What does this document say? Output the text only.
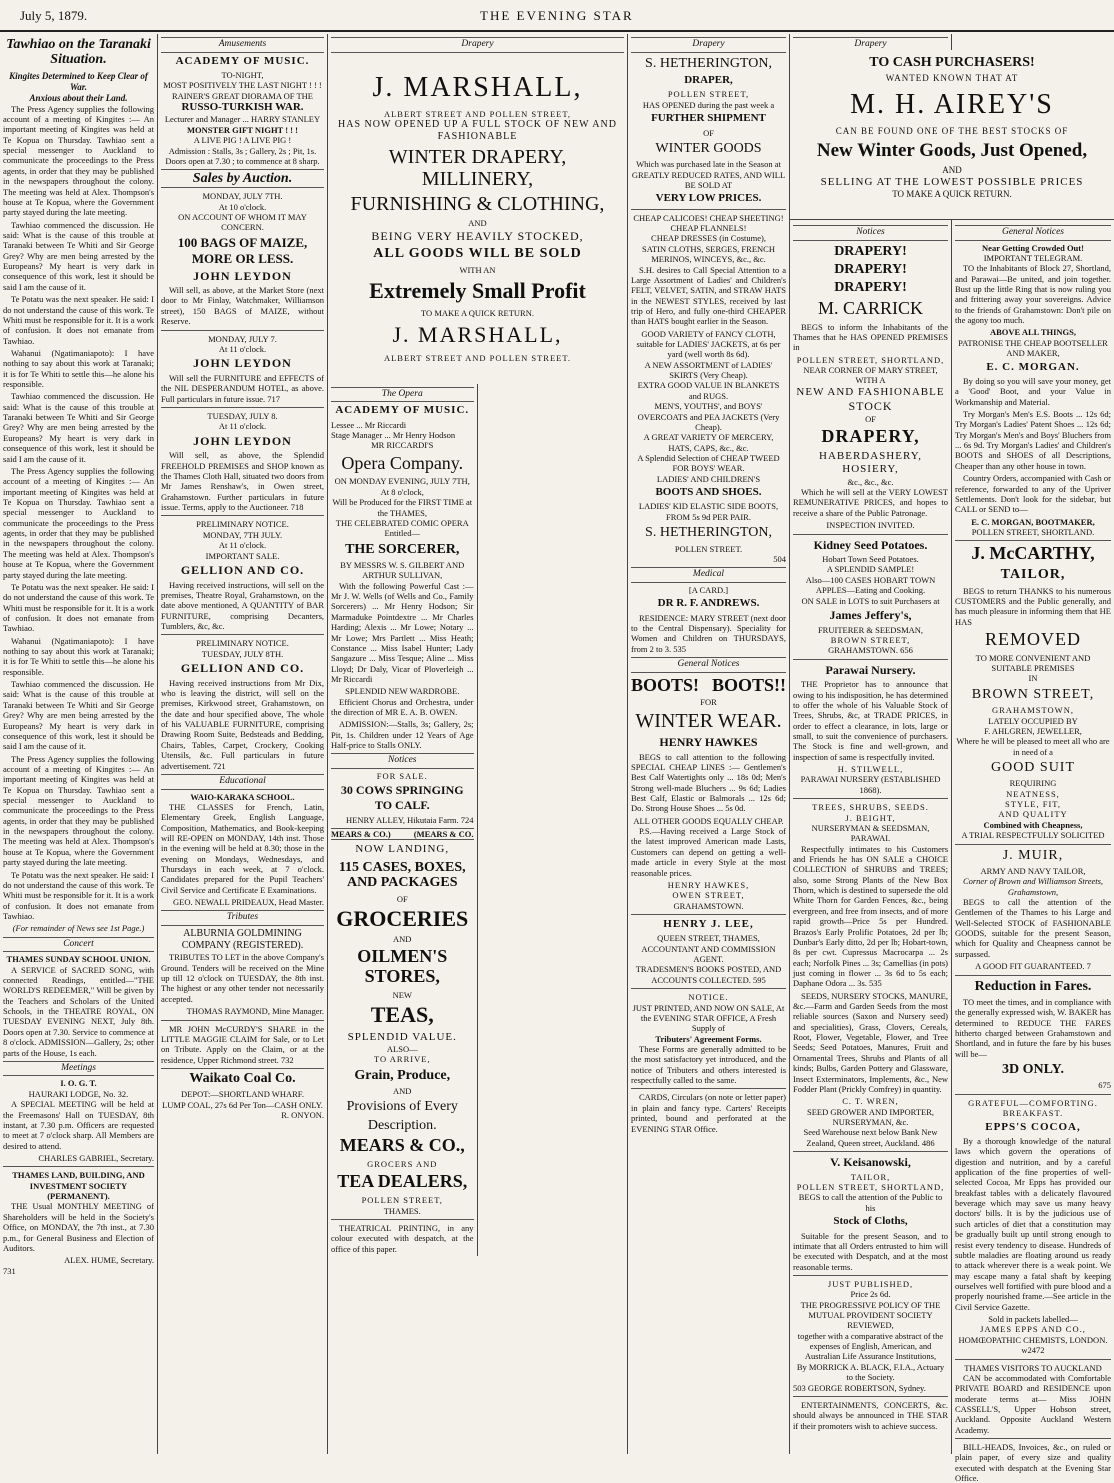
July 5, 1879.	THE EVENING STAR
Tawhiao on the Taranaki Situation.
Kingites Determined to Keep Clear of War.
Anxious about their Land.

The Press Agency supplies the following account of a meeting of Kingites :— An important meeting of Kingites was held at Te Kopua on Thursday. Tawhiao sent a special messenger to Auckland to communicate the proceedings to the Press agents, in order that they may be published in the newspapers throughout the colony. The meeting was held at Alex. Thompson's house at Te Kopua, where the Government party stayed during the late meeting.

Tawhiao commenced the discussion. He said: What is the cause of this trouble at Taranaki between Te Whiti and Sir George Grey? Why are men being arrested by the Europeans? My heart is very dark in consequence of this work, lest it should be said I am the cause of it.

Te Potatu was the next speaker. He said: I do not understand the cause of this work. Te Whiti must be responsible for it. It is a work of confusion. It does not emanate from Tawhiao.

Wahanui (Ngatimaniapoto): I have nothing to say about this work at Taranaki; it is for Te Whiti to settle this—he alone his responsible.

Tawhiao commenced the discussion. He said: What is the cause of this trouble at Taranaki between Te Whiti and Sir George Grey? Why are men being arrested by the Europeans? My heart is very dark in consequence of this work, lest it should be said I am the cause of it.

The Press Agency supplies the following account of a meeting of Kingites :— An important meeting of Kingites was held at Te Kopua on Thursday. Tawhiao sent a special messenger to Auckland to communicate the proceedings to the Press agents, in order that they may be published in the newspapers throughout the colony. The meeting was held at Alex. Thompson's house at Te Kopua, where the Government party stayed during the late meeting.

Te Potatu was the next speaker. He said: I do not understand the cause of this work. Te Whiti must be responsible for it. It is a work of confusion. It does not emanate from Tawhiao.

Wahanui (Ngatimaniapoto): I have nothing to say about this work at Taranaki; it is for Te Whiti to settle this—he alone his responsible.

Tawhiao commenced the discussion. He said: What is the cause of this trouble at Taranaki between Te Whiti and Sir George Grey? Why are men being arrested by the Europeans? My heart is very dark in consequence of this work, lest it should be said I am the cause of it.

The Press Agency supplies the following account of a meeting of Kingites :— An important meeting of Kingites was held at Te Kopua on Thursday. Tawhiao sent a special messenger to Auckland to communicate the proceedings to the Press agents, in order that they may be published in the newspapers throughout the colony. The meeting was held at Alex. Thompson's house at Te Kopua, where the Government party stayed during the late meeting.

Te Potatu was the next speaker. He said: I do not understand the cause of this work. Te Whiti must be responsible for it. It is a work of confusion. It does not emanate from Tawhiao.

(For remainder of News see 1st Page.)
Concert
THAMES SUNDAY SCHOOL UNION.

A SERVICE of SACRED SONG, with connected Readings, entitled—"THE WORLD'S REDEEMER," Will be given by the Teachers and Scholars of the United Schools, in the THEATRE ROYAL, ON TUESDAY EVENING NEXT, July 8th. Doors open at 7.30. Service to commence at 8 o'clock. ADMISSION—Gallery, 2s; other parts of the House, 1s each.

Meetings
I. O. G. T.
HAURAKI LODGE, No. 32.

A SPECIAL MEETING will be held at the Freemasons' Hall on TUESDAY, 8th instant, at 7.30 p.m. Officers are requested to meet at 7 o'clock sharp. All Members are desired to attend.

CHARLES GABRIEL, Secretary.
THAMES LAND, BUILDING, AND INVESTMENT SOCIETY (PERMANENT).

THE Usual MONTHLY MEETING of Shareholders will be held in the Society's Office, on MONDAY, the 7th inst., at 7.30 p.m., for General Business and Election of Auditors.

ALEX. HUME, Secretary.
731
Amusements
ACADEMY OF MUSIC.
TO-NIGHT,
MOST POSITIVELY THE LAST NIGHT ! ! !
RAINER'S GREAT DIORAMA OF THE
RUSSO-TURKISH WAR.
Lecturer and Manager ... HARRY STANLEY
MONSTER GIFT NIGHT ! ! !
A LIVE PIG ! A LIVE PIG !
Admission : Stalls, 3s ; Gallery, 2s ; Pit, 1s. Doors open at 7.30 ; to commence at 8 sharp.
Sales by Auction.
MONDAY, JULY 7TH.
At 10 o'clock.
ON ACCOUNT OF WHOM IT MAY CONCERN.
100 BAGS OF MAIZE, MORE OR LESS.
JOHN LEYDON

Will sell, as above, at the Market Store (next door to Mr Finlay, Watchmaker, Williamson street), 150 BAGS of MAIZE, without Reserve.

MONDAY, JULY 7.
At 11 o'clock.
JOHN LEYDON

Will sell the FURNITURE and EFFECTS of the NIL DESPERANDUM HOTEL, as above. Full particulars in future issue. 717

TUESDAY, JULY 8.
At 11 o'clock.
JOHN LEYDON

Will sell, as above, the Splendid FREEHOLD PREMISES and SHOP known as the Thames Cloth Hall, situated two doors from Mr James Renshaw's, in Owen street, Grahamstown. Further particulars in future issue. Terms, apply to the Auctioneer. 718

PRELIMINARY NOTICE.
MONDAY, 7TH JULY.
At 11 o'clock.
IMPORTANT SALE.
GELLION AND CO.

Having received instructions, will sell on the premises, Theatre Royal, Grahamstown, on the date above mentioned, A QUANTITY of BAR FURNITURE, comprising Decanters, Tumblers, &c, &c.

PRELIMINARY NOTICE.
TUESDAY, JULY 8TH.
GELLION AND CO.

Having received instructions from Mr Dix, who is leaving the district, will sell on the premises, Kirkwood street, Grahamstown, on the date and hour specified above, The whole of his VALUABLE FURNITURE, comprising Drawing Room Suite, Bedsteads and Bedding, Chairs, Tables, Carpet, Crockery, Cooking Utensils, &c. Full particulars in future advertisement. 721

Educational
WAIO-KARAKA SCHOOL.

THE CLASSES for French, Latin, Elementary Greek, English Language, Composition, Mathematics, and Book-keeping will RE-OPEN on MONDAY, 14th inst. Those in the evening will be held at 8.30; those in the evening on Mondays, Wednesdays, and Thursdays in each week, at 7 o'clock. Candidates prepared for the Pupil Teachers' Civil Service and Certificate E Examinations.

GEO. NEWALL PRIDEAUX, Head Master.
Tributes
ALBURNIA GOLDMINING COMPANY (REGISTERED).

TRIBUTES TO LET in the above Company's Ground. Tenders will be received on the Mine up till 12 o'clock on TUESDAY, the 8th inst. The highest or any other tender not necessarily accepted.

THOMAS RAYMOND, Mine Manager.

MR JOHN McCURDY'S SHARE in the LITTLE MAGGIE CLAIM for Sale, or to Let on Tribute. Apply on the Claim, or at the residence, Upper Richmond street. 732

Waikato Coal Co.
DEPOT:—SHORTLAND WHARF.
LUMP COAL, 27s 6d Per Ton—CASH ONLY.
R. ONYON.
Drapery
J. MARSHALL,
ALBERT STREET AND POLLEN STREET,
HAS NOW OPENED UP A FULL STOCK OF NEW AND FASHIONABLE
WINTER DRAPERY, MILLINERY,
FURNISHING & CLOTHING,
AND
BEING VERY HEAVILY STOCKED,
ALL GOODS WILL BE SOLD
WITH AN
Extremely Small Profit
TO MAKE A QUICK RETURN.
J. MARSHALL,
ALBERT STREET AND POLLEN STREET.
The Opera
ACADEMY OF MUSIC.
Lessee ... Mr Riccardi
Stage Manager ... Mr Henry Hodson
MR RICCARDI'S
Opera Company.
ON MONDAY EVENING, JULY 7TH, At 8 o'clock,
Will be Produced for the FIRST TIME at the THAMES,
THE CELEBRATED COMIC OPERA Entitled—
THE SORCERER,
BY MESSRS W. S. GILBERT AND ARTHUR SULLIVAN,

With the following Powerful Cast :— Mr J. W. Wells (of Wells and Co., Family Sorcerers) ... Mr Henry Hodson; Sir Marmaduke Pointdextre ... Mr Charles Harding; Alexis ... Mr Lowe; Notary ... Mr Lowe; Mrs Partlett ... Miss Heath; Constance ... Miss Isabel Hunter; Lady Sangazure ... Miss Tesque; Aline ... Miss Lloyd; Dr Daly, Vicar of Ploverleigh ... Mr Riccardi

SPLENDID NEW WARDROBE.

Efficient Chorus and Orchestra, under the direction of MR E. A. B. OWEN.

ADMISSION:—Stalls, 3s; Gallery, 2s; Pit, 1s. Children under 12 Years of Age Half-price to Stalls ONLY.

Notices
FOR SALE.
30 COWS SPRINGING TO CALF.
HENRY ALLEY, Hikutaia Farm. 724
MEARS & CO.)	(MEARS & CO.
NOW LANDING,
115 CASES, BOXES, AND PACKAGES
OF
GROCERIES
AND
OILMEN'S STORES,
NEW
TEAS,
SPLENDID VALUE.
ALSO—
TO ARRIVE,
Grain, Produce,
AND
Provisions of Every
Description.
MEARS & CO.,
GROCERS AND
TEA DEALERS,
POLLEN STREET,
THAMES.

THEATRICAL PRINTING, in any colour executed with despatch, at the office of this paper.

Drapery
S. HETHERINGTON,
DRAPER,
POLLEN STREET,
HAS OPENED during the past week a
FURTHER SHIPMENT
OF
WINTER GOODS
Which was purchased late in the Season at GREATLY REDUCED RATES, AND WILL BE SOLD AT
VERY LOW PRICES.
CHEAP CALICOES! CHEAP SHEETING! CHEAP FLANNELS!
CHEAP DRESSES (in Costume),
SATIN CLOTHS, SERGES, FRENCH MERINOS, WINCEYS, &c., &c.

S.H. desires to Call Special Attention to a Large Assortment of Ladies' and Children's FELT, VELVET, SATIN, and STRAW HATS in the NEWEST STYLES, received by last trip of Hero, and fully one-third CHEAPER than HATS bought earlier in the Season.

GOOD VARIETY of FANCY CLOTH, suitable for LADIES' JACKETS, at 6s per yard (well worth 8s 6d).
A NEW ASSORTMENT of LADIES' SKIRTS (Very Cheap).
EXTRA GOOD VALUE IN BLANKETS and RUGS.
MEN'S, YOUTHS', and BOYS' OVERCOATS and PEA JACKETS (Very Cheap).
A GREAT VARIETY OF MERCERY, HATS, CAPS, &c., &c.
A Splendid Selection of CHEAP TWEED FOR BOYS' WEAR.
LADIES' AND CHILDREN'S
BOOTS AND SHOES.
LADIES' KID ELASTIC SIDE BOOTS, FROM 5s 9d PER PAIR.
S. HETHERINGTON,
POLLEN STREET.
504
Medical
[A CARD.]
DR R. F. ANDREWS.

RESIDENCE: MARY STREET (next door to the Central Dispensary). Speciality for Women and Children on THURSDAYS, from 2 to 3. 535

General Notices
BOOTS! BOOTS!!
FOR
WINTER WEAR.
HENRY HAWKES

BEGS to call attention to the following SPECIAL CHEAP LINES :— Gentlemen's Best Calf Watertights only ... 18s 0d; Men's Strong well-made Bluchers ... 9s 6d; Ladies Best Calf, Elastic or Balmorals ... 12s 6d; Do. Strong House Shoes ... 5s 0d.

ALL OTHER GOODS EQUALLY CHEAP.

P.S.—Having received a Large Stock of the latest improved American made Lasts, Customers can depend on getting a well-made article in every Style at the most reasonable prices.

HENRY HAWKES,
OWEN STREET,
GRAHAMSTOWN.
HENRY J. LEE,
QUEEN STREET, THAMES, ACCOUNTANT AND COMMISSION AGENT.
TRADESMEN'S BOOKS POSTED, AND ACCOUNTS COLLECTED. 595
NOTICE.
JUST PRINTED, AND NOW ON SALE, At the EVENING STAR OFFICE, A Fresh Supply of
Tributers' Agreement Forms.

These Forms are generally admitted to be the most satisfactory yet introduced, and the notice of Tributers and others interested is respectfully called to the same.

CARDS, Circulars (on note or letter paper) in plain and fancy type. Carters' Receipts printed, bound and perforated at the EVENING STAR Office.

Drapery
TO CASH PURCHASERS!
WANTED KNOWN THAT AT
M. H. AIREY'S
CAN BE FOUND ONE OF THE BEST STOCKS OF
New Winter Goods, Just Opened,
AND
SELLING AT THE LOWEST POSSIBLE PRICES
TO MAKE A QUICK RETURN.
Notices
DRAPERY!
DRAPERY!
DRAPERY!
M. CARRICK

BEGS to inform the Inhabitants of the Thames that he HAS OPENED PREMISES in

POLLEN STREET, SHORTLAND,
NEAR CORNER OF MARY STREET,
WITH A
NEW AND FASHIONABLE
STOCK
OF
DRAPERY,
HABERDASHERY,
HOSIERY,
&c., &c., &c.

Which he will sell at the VERY LOWEST REMUNERATIVE PRICES, and hopes to receive a share of the Public Patronage.

INSPECTION INVITED.
Kidney Seed Potatoes.
Hobart Town Seed Potatoes.
A SPLENDID SAMPLE!
Also—100 CASES HOBART TOWN APPLES—Eating and Cooking.
ON SALE in LOTS to suit Purchasers at
James Jeffery's,
FRUITERER & SEEDSMAN,
BROWN STREET,
GRAHAMSTOWN. 656
Parawai Nursery.

THE Proprietor has to announce that owing to his indisposition, he has determined to offer the whole of his Valuable Stock of Trees, Shrubs, &c, at TRADE PRICES, in order to effect a clearance, in lots, large or small, to suit the convenience of purchasers. The Stock is fine and well-grown, and inspection of same is respectfully invited.

H. STILWELL,
PARAWAI NURSERY (ESTABLISHED 1868).
TREES, SHRUBS, SEEDS.
J. BEIGHT,
NURSERYMAN & SEEDSMAN, PARAWAI.

Respectfully intimates to his Customers and Friends he has ON SALE a CHOICE COLLECTION of SHRUBS and TREES; also, some Strong Plants of the New Box Thorn, which is destined to supersede the old White Thorn for Garden Fences, &c., being evergreen, and free from insects, and of more rapid growth—Price 5s per Hundred. Brazos's Early Prolific Potatoes, 2d per lb; Dunbar's Early ditto, 2d per lb; Hobart-town, 8s per cwt. Cupressus Macrocarpa ... 2s each; Norfolk Pines ... 3s; Camellias (in pots) just coming in flower ... 3s 6d to 5s each; Daphane Odora ... 3s. 535

SEEDS, NURSERY STOCKS, MANURE, &c.—Farm and Garden Seeds from the most reliable sources (Saxon and Nursery seed) and specialities), Grass, Clovers, Cereals, Root, Flower, Vegetable, Flower, and Tree Seeds; Seed Potatoes, Manures, Fruit and Ornamental Trees, Shrubs and Plants of all kinds; Bulbs, Garden Pottery and Glassware, Insect Exterminators, Implements, &c., New Fodder Plant (Prickly Comfrey) in quantity.

C. T. WREN,
SEED GROWER AND IMPORTER, NURSERYMAN, &c.
Seed Warehouse next below Bank New Zealand, Queen street, Auckland. 486
V. Keisanowski,
TAILOR,
POLLEN STREET, SHORTLAND,
BEGS to call the attention of the Public to his
Stock of Cloths,

Suitable for the present Season, and to intimate that all Orders entrusted to him will be executed with Despatch, and at the most reasonable terms.

JUST PUBLISHED,
Price 2s 6d.
THE PROGRESSIVE POLICY OF THE MUTUAL PROVIDENT SOCIETY REVIEWED,
together with a comparative abstract of the expenses of English, American, and Australian Life Assurance Institutions,
By MORRICK A. BLACK, F.I.A., Actuary to the Society.
503 GEORGE ROBERTSON, Sydney.

ENTERTAINMENTS, CONCERTS, &c. should always be announced in THE STAR if their promoters wish to achieve success.

General Notices
Near Getting Crowded Out!
IMPORTANT TELEGRAM.

TO the Inhabitants of Block 27, Shortland, and Parawai—Be united, and join together. Bust up the little Ring that is now ruling you and frittering away your sovereigns. Advice to the friends of Grahamstown: Don't pile on the agony too much.

ABOVE ALL THINGS,
PATRONISE THE CHEAP BOOTSELLER AND MAKER,
E. C. MORGAN.

By doing so you will save your money, get a 'Good' Boot, and your Value in Workmanship and Material.

Try Morgan's Men's E.S. Boots ... 12s 6d; Try Morgan's Ladies' Patent Shoes ... 12s 6d; Try Morgan's Men's and Boys' Bluchers from ... 6s 9d. Try Morgan's Ladies' and Children's BOOTS and SHOES of all Descriptions, Cheaper than any other house in town.

Country Orders, accompanied with Cash or reference, forwarded to any of the Upriver Settlements. Don't look for the sidebar, but CALL or SEND to—

E. C. MORGAN, BOOTMAKER,
POLLEN STREET, SHORTLAND.
J. McCARTHY,
TAILOR,

BEGS to return THANKS to his numerous CUSTOMERS and the Public generally, and has much pleasure in informing them that HE HAS

REMOVED
TO MORE CONVENIENT AND SUITABLE PREMISES
IN
BROWN STREET,
GRAHAMSTOWN,
LATELY OCCUPIED BY
F. AHLGREN, JEWELLER,
Where he will be pleased to meet all who are in need of a
GOOD SUIT
REQUIRING
NEATNESS,
STYLE, FIT,
AND QUALITY
Combined with Cheapness,
A TRIAL RESPECTFULLY SOLICITED
J. MUIR,
ARMY AND NAVY TAILOR,
Corner of Brown and Williamson Streets, Grahamstown,

BEGS to call the attention of the Gentlemen of the Thames to his Large and Well-Selected STOCK of FASHIONABLE GOODS, suitable for the present Season, which for Quality and Cheapness cannot be surpassed.

A GOOD FIT GUARANTEED. 7
Reduction in Fares.

TO meet the times, and in compliance with the generally expressed wish, W. BAKER has determined to REDUCE THE FARES hitherto charged between Grahamstown and Shortland, and in future the fare by his buses will be—

3D ONLY.
675
GRATEFUL—COMFORTING.
BREAKFAST.
EPPS'S COCOA,

By a thorough knowledge of the natural laws which govern the operations of digestion and nutrition, and by a careful application of the fine properties of well-selected Cocoa, Mr Epps has provided our breakfast tables with a delicately flavoured beverage which may save us many heavy doctors' bills. It is by the judicious use of such articles of diet that a constitution may be gradually built up until strong enough to resist every tendency to disease. Hundreds of subtle maladies are floating around us ready to attack wherever there is a weak point. We may escape many a fatal shaft by keeping ourselves well fortified with pure blood and a properly nourished frame.—See article in the Civil Service Gazette.

Sold in packets labelled—
JAMES EPPS AND CO.,
HOMŒOPATHIC CHEMISTS, LONDON. w2472
THAMES VISITORS TO AUCKLAND

CAN be accommodated with Comfortable PRIVATE BOARD and RESIDENCE upon moderate terms at— Miss JOHN CASSELL'S, Upper Hobson street, Auckland. Opposite Auckland Western Academy.

BILL-HEADS, Invoices, &c., on ruled or plain paper, of every size and quality executed with despatch at the Evening Star Office.
